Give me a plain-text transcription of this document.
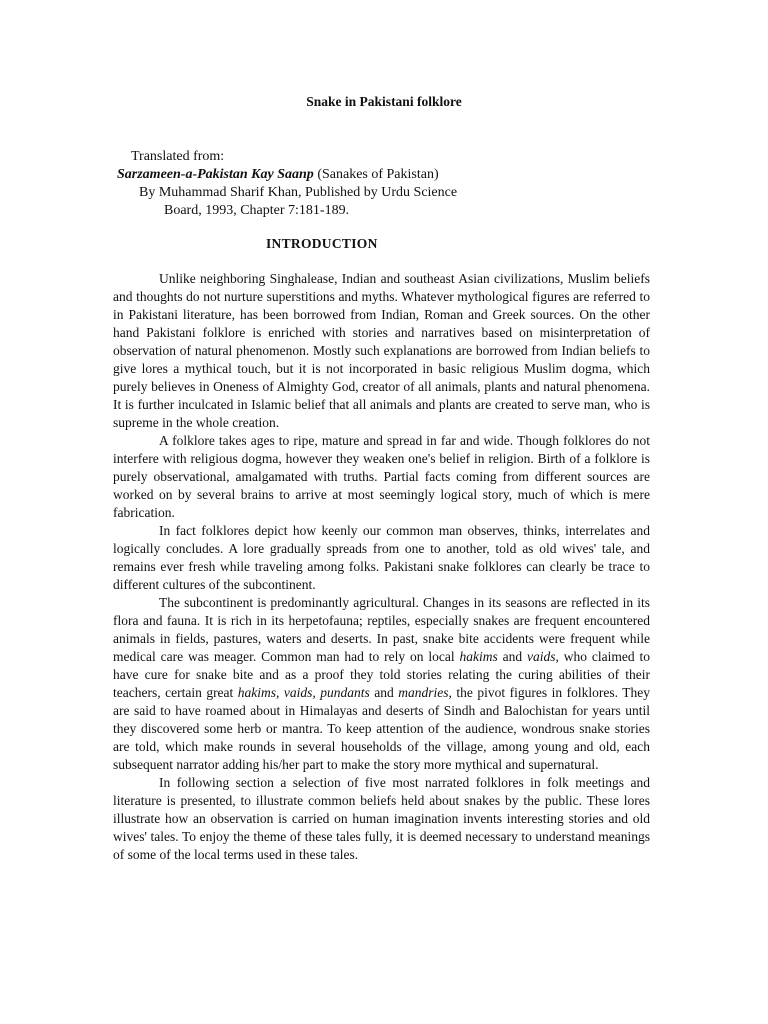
Snake in Pakistani folklore
Translated from:
Sarzameen-a-Pakistan Kay Saanp (Sanakes of Pakistan)
By Muhammad Sharif Khan, Published by Urdu Science
Board, 1993, Chapter 7:181-189.
INTRODUCTION

Unlike neighboring Singhalease, Indian and southeast Asian civilizations, Muslim beliefs and thoughts do not nurture superstitions and myths. Whatever mythological figures are referred to in Pakistani literature, has been borrowed from Indian, Roman and Greek sources. On the other hand Pakistani folklore is enriched with stories and narratives based on misinterpretation of observation of natural phenomenon. Mostly such explanations are borrowed from Indian beliefs to give lores a mythical touch, but it is not incorporated in basic religious Muslim dogma, which purely believes in Oneness of Almighty God, creator of all animals, plants and natural phenomena. It is further inculcated in Islamic belief that all animals and plants are created to serve man, who is supreme in the whole creation.

A folklore takes ages to ripe, mature and spread in far and wide. Though folklores do not interfere with religious dogma, however they weaken one's belief in religion. Birth of a folklore is purely observational, amalgamated with truths. Partial facts coming from different sources are worked on by several brains to arrive at most seemingly logical story, much of which is mere fabrication.

In fact folklores depict how keenly our common man observes, thinks, interrelates and logically concludes. A lore gradually spreads from one to another, told as old wives' tale, and remains ever fresh while traveling among folks. Pakistani snake folklores can clearly be trace to different cultures of the subcontinent.

The subcontinent is predominantly agricultural. Changes in its seasons are reflected in its flora and fauna. It is rich in its herpetofauna; reptiles, especially snakes are frequent encountered animals in fields, pastures, waters and deserts. In past, snake bite accidents were frequent while medical care was meager. Common man had to rely on local hakims and vaids, who claimed to have cure for snake bite and as a proof they told stories relating the curing abilities of their teachers, certain great hakims, vaids, pundants and mandries, the pivot figures in folklores. They are said to have roamed about in Himalayas and deserts of Sindh and Balochistan for years until they discovered some herb or mantra. To keep attention of the audience, wondrous snake stories are told, which make rounds in several households of the village, among young and old, each subsequent narrator adding his/her part to make the story more mythical and supernatural.

In following section a selection of five most narrated folklores in folk meetings and literature is presented, to illustrate common beliefs held about snakes by the public. These lores illustrate how an observation is carried on human imagination invents interesting stories and old wives' tales. To enjoy the theme of these tales fully, it is deemed necessary to understand meanings of some of the local terms used in these tales.
